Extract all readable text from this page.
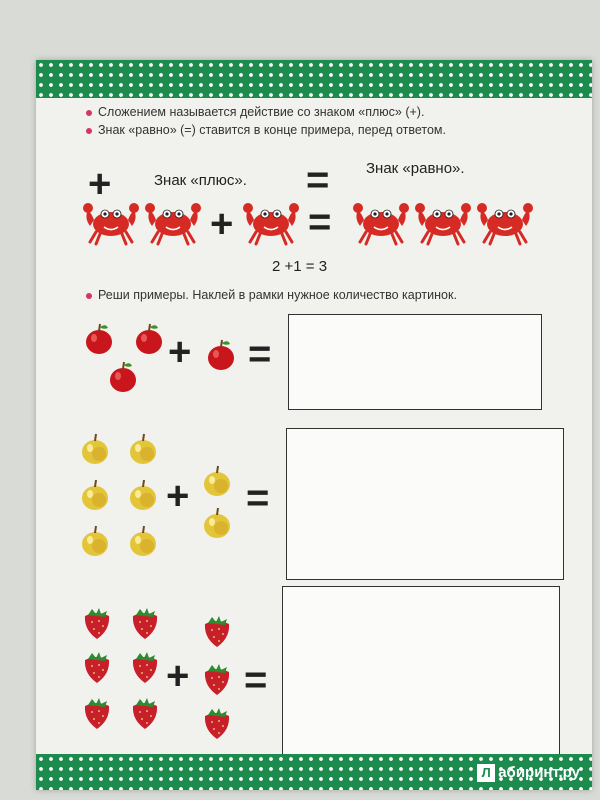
Сложением называется действие со знаком «плюс» (+).
Знак «равно» (=) ставится в конце примера, перед ответом.
+	Знак «плюс». = Знак «равно».
+ =
2 +1 = 3
Реши примеры. Наклей в рамки нужное количество картинок.
+ =
+ =
+ =
Л абиринт.ру
